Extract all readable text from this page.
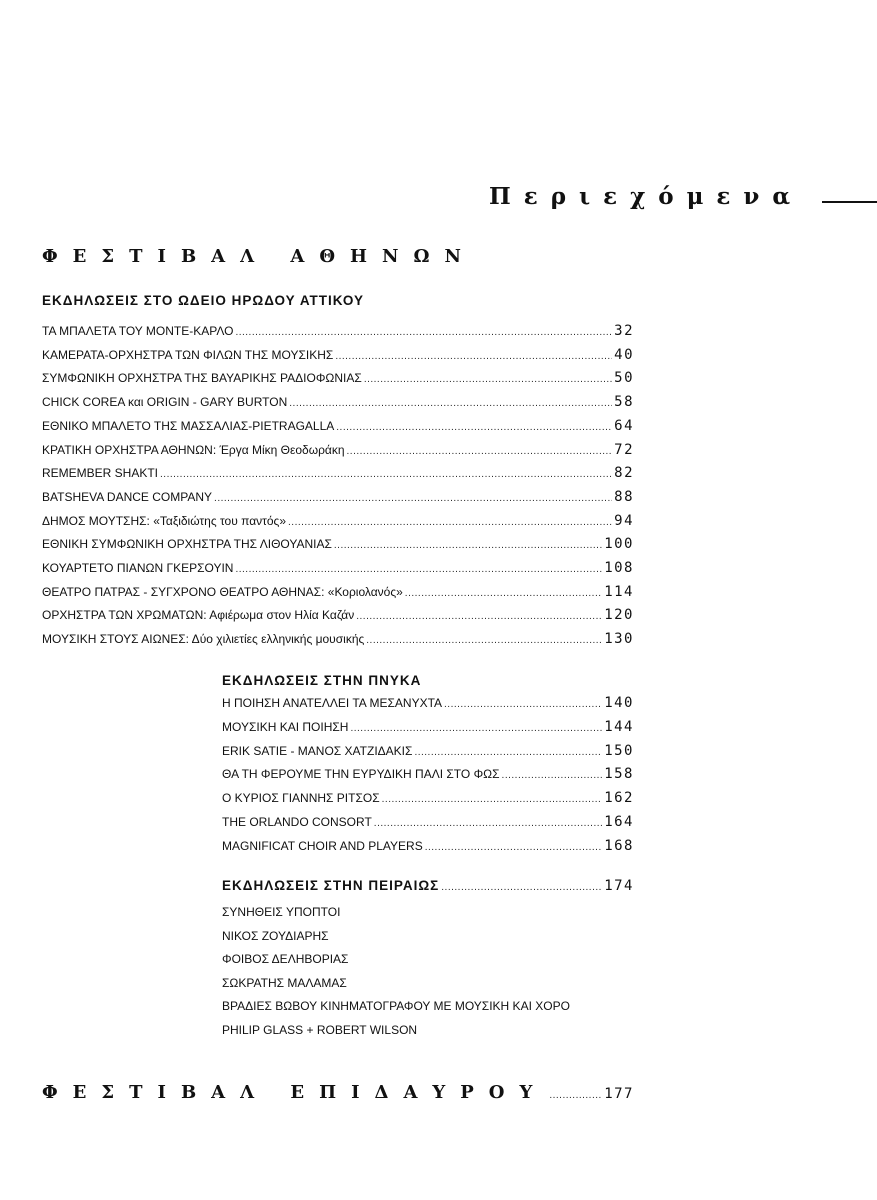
Περιεχόμενα
ΦΕΣΤΙΒΑΛ ΑΘΗΝΩΝ
ΕΚΔΗΛΩΣΕΙΣ ΣΤΟ ΩΔΕΙΟ ΗΡΩΔΟΥ ΑΤΤΙΚΟΥ
ΤΑ ΜΠΑΛΕΤΑ ΤΟΥ ΜΟΝΤΕ-ΚΑΡΛΟ .....	32
ΚΑΜΕΡΑΤΑ-ΟΡΧΗΣΤΡΑ ΤΩΝ ΦΙΛΩΝ ΤΗΣ ΜΟΥΣΙΚΗΣ .....	40
ΣΥΜΦΩΝΙΚΗ ΟΡΧΗΣΤΡΑ ΤΗΣ ΒΑΥΑΡΙΚΗΣ ΡΑΔΙΟΦΩΝΙΑΣ .....	50
CHICK COREA και ORIGIN - GARY BURTON .....	58
ΕΘΝΙΚΟ ΜΠΑΛΕΤΟ ΤΗΣ ΜΑΣΣΑΛΙΑΣ-PIETRAGALLA .....	64
ΚΡΑΤΙΚΗ ΟΡΧΗΣΤΡΑ ΑΘΗΝΩΝ: Έργα Μίκη Θεοδωράκη .....	72
REMEMBER SHAKTI .....	82
BATSHEVA DANCE COMPANY .....	88
ΔΗΜΟΣ ΜΟΥΤΣΗΣ: «Ταξιδιώτης του παντός» .....	94
ΕΘΝΙΚΗ ΣΥΜΦΩΝΙΚΗ ΟΡΧΗΣΤΡΑ ΤΗΣ ΛΙΘΟΥΑΝΙΑΣ .....	100
ΚΟΥΑΡΤΕΤΟ ΠΙΑΝΩΝ ΓΚΕΡΣΟΥΙΝ .....	108
ΘΕΑΤΡΟ ΠΑΤΡΑΣ - ΣΥΓΧΡΟΝΟ ΘΕΑΤΡΟ ΑΘΗΝΑΣ: «Κοριολανός» .....	114
ΟΡΧΗΣΤΡΑ ΤΩΝ ΧΡΩΜΑΤΩΝ: Αφιέρωμα στον Ηλία Καζάν .....	120
ΜΟΥΣΙΚΗ ΣΤΟΥΣ ΑΙΩΝΕΣ: Δύο χιλιετίες ελληνικής μουσικής .....	130
ΕΚΔΗΛΩΣΕΙΣ ΣΤΗΝ ΠΝΥΚΑ
Η ΠΟΙΗΣΗ ΑΝΑΤΕΛΛΕΙ ΤΑ ΜΕΣΑΝΥΧΤΑ .....	140
ΜΟΥΣΙΚΗ ΚΑΙ ΠΟΙΗΣΗ .....	144
ERIK SATIE - ΜΑΝΟΣ ΧΑΤΖΙΔΑΚΙΣ .....	150
ΘΑ ΤΗ ΦΕΡΟΥΜΕ ΤΗΝ ΕΥΡΥΔΙΚΗ ΠΑΛΙ ΣΤΟ ΦΩΣ .....	158
Ο ΚΥΡΙΟΣ ΓΙΑΝΝΗΣ ΡΙΤΣΟΣ .....	162
THE ORLANDO CONSORT .....	164
MAGNIFICAT CHOIR AND PLAYERS .....	168
ΕΚΔΗΛΩΣΕΙΣ ΣΤΗΝ ΠΕΙΡΑΙΩΣ .....	174
ΣΥΝΗΘΕΙΣ ΥΠΟΠΤΟΙ
ΝΙΚΟΣ ΖΟΥΔΙΑΡΗΣ
ΦΟΙΒΟΣ ΔΕΛΗΒΟΡΙΑΣ
ΣΩΚΡΑΤΗΣ ΜΑΛΑΜΑΣ
ΒΡΑΔΙΕΣ ΒΩΒΟΥ ΚΙΝΗΜΑΤΟΓΡΑΦΟΥ ΜΕ ΜΟΥΣΙΚΗ ΚΑΙ ΧΟΡΟ
PHILIP GLASS + ROBERT WILSON
ΦΕΣΤΙΒΑΛ ΕΠΙΔΑΥΡΟΥ .....	177
